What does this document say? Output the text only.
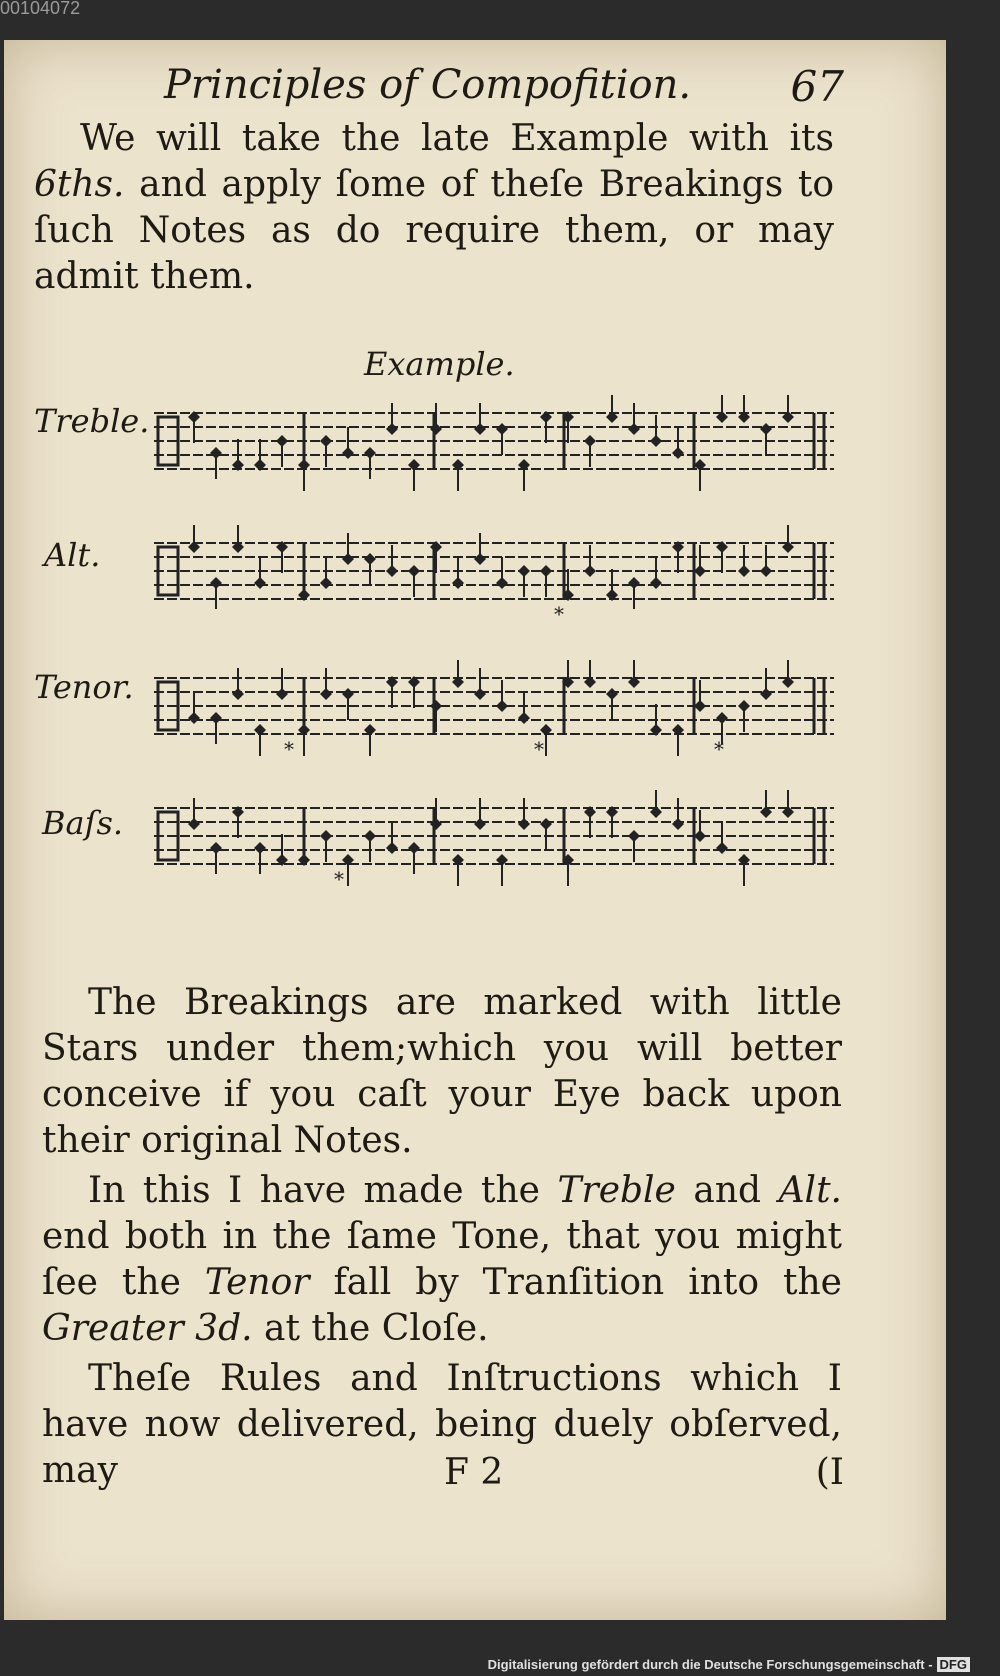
00104072
Principles of Compofition. 67
We will take the late Example with its 6ths. and apply ſome of theſe Breakings to ſuch Notes as do require them, or may admit them.
Example.
Treble.
Alt.
*
Tenor.
*	*	*
Baſs.
*
The Breakings are marked with little Stars under them;which you will better conceive if you caſt your Eye back upon their original Notes.
In this I have made the Treble and Alt. end both in the ſame Tone, that you might ſee the Tenor fall by Tranſition into the Greater 3d. at the Cloſe.
Theſe Rules and Inſtructions which I have now delivered, being duely obſerved, may	F 2	(I
Digitalisierung gefördert durch die Deutsche Forschungsgemeinschaft - DFG
